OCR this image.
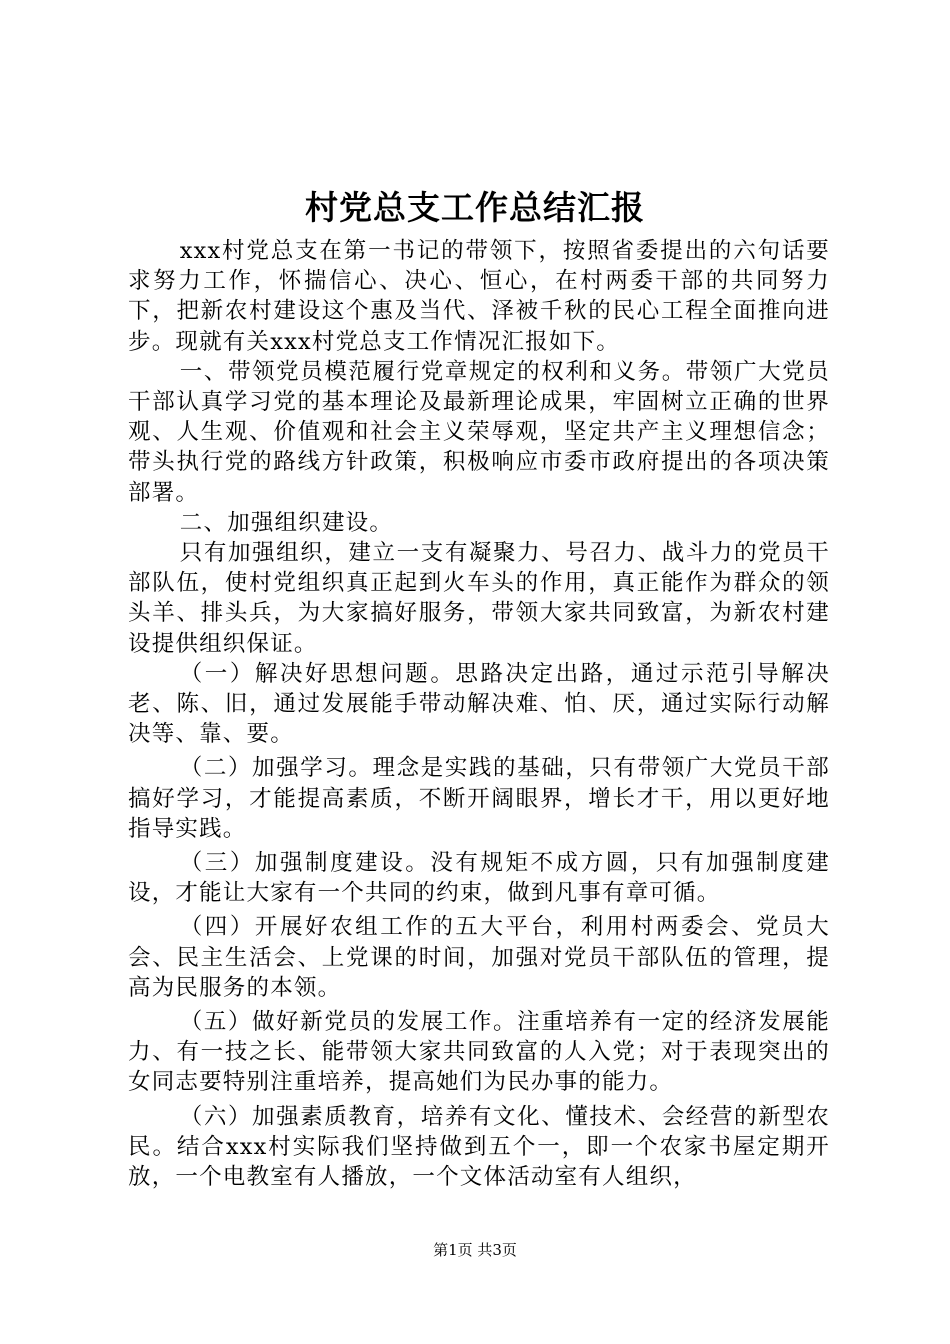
村党总支工作总结汇报

xxx村党总支在第一书记的带领下，按照省委提出的六句话要求努力工作，怀揣信心、决心、恒心，在村两委干部的共同努力下，把新农村建设这个惠及当代、泽被千秋的民心工程全面推向进步。现就有关xxx村党总支工作情况汇报如下。

一、带领党员模范履行党章规定的权利和义务。带领广大党员干部认真学习党的基本理论及最新理论成果，牢固树立正确的世界观、人生观、价值观和社会主义荣辱观，坚定共产主义理想信念；带头执行党的路线方针政策，积极响应市委市政府提出的各项决策部署。

二、加强组织建设。

只有加强组织，建立一支有凝聚力、号召力、战斗力的党员干部队伍，使村党组织真正起到火车头的作用，真正能作为群众的领头羊、排头兵，为大家搞好服务，带领大家共同致富，为新农村建设提供组织保证。

（一）解决好思想问题。思路决定出路，通过示范引导解决老、陈、旧，通过发展能手带动解决难、怕、厌，通过实际行动解决等、靠、要。

（二）加强学习。理念是实践的基础，只有带领广大党员干部搞好学习，才能提高素质，不断开阔眼界，增长才干，用以更好地指导实践。

（三）加强制度建设。没有规矩不成方圆，只有加强制度建设，才能让大家有一个共同的约束，做到凡事有章可循。

（四）开展好农组工作的五大平台，利用村两委会、党员大会、民主生活会、上党课的时间，加强对党员干部队伍的管理，提高为民服务的本领。

（五）做好新党员的发展工作。注重培养有一定的经济发展能力、有一技之长、能带领大家共同致富的人入党；对于表现突出的女同志要特别注重培养，提高她们为民办事的能力。

（六）加强素质教育，培养有文化、懂技术、会经营的新型农民。结合xxx村实际我们坚持做到五个一，即一个农家书屋定期开放，一个电教室有人播放，一个文体活动室有人组织，

第1页 共3页
